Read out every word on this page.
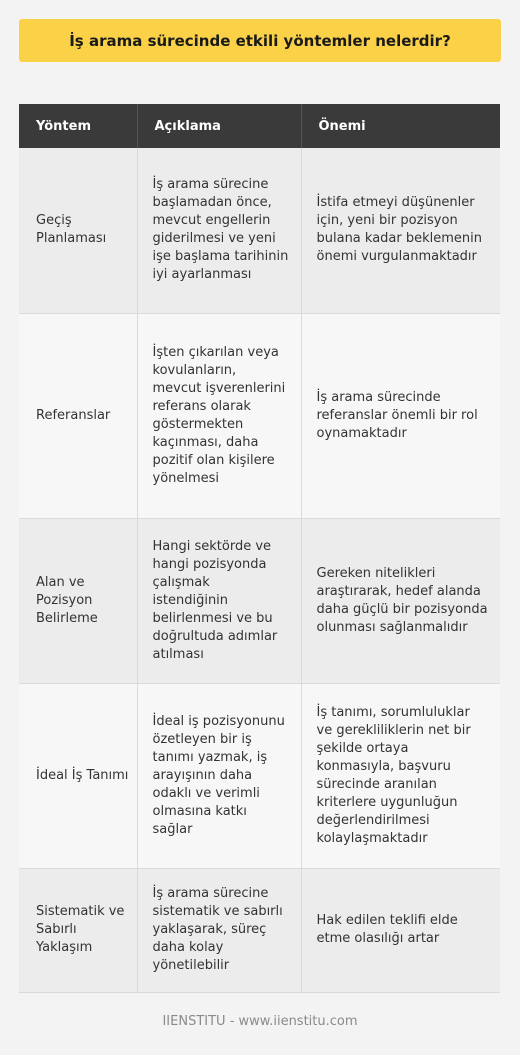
İş arama sürecinde etkili yöntemler nelerdir?
Yöntem	Açıklama	Önemi
Geçiş Planlaması	İş arama sürecine başlamadan önce, mevcut engellerin giderilmesi ve yeni işe başlama tarihinin iyi ayarlanması	İstifa etmeyi düşünenler için, yeni bir pozisyon bulana kadar beklemenin önemi vurgulanmaktadır
Referanslar	İşten çıkarılan veya kovulanların, mevcut işverenlerini referans olarak göstermekten kaçınması, daha pozitif olan kişilere yönelmesi	İş arama sürecinde referanslar önemli bir rol oynamaktadır
Alan ve Pozisyon Belirleme	Hangi sektörde ve hangi pozisyonda çalışmak istendiğinin belirlenmesi ve bu doğrultuda adımlar atılması	Gereken nitelikleri araştırarak, hedef alanda daha güçlü bir pozisyonda olunması sağlanmalıdır
İdeal İş Tanımı	İdeal iş pozisyonunu özetleyen bir iş tanımı yazmak, iş arayışının daha odaklı ve verimli olmasına katkı sağlar	İş tanımı, sorumluluklar ve gerekliliklerin net bir şekilde ortaya konmasıyla, başvuru sürecinde aranılan kriterlere uygunluğun değerlendirilmesi kolaylaşmaktadır
Sistematik ve Sabırlı Yaklaşım	İş arama sürecine sistematik ve sabırlı yaklaşarak, süreç daha kolay yönetilebilir	Hak edilen teklifi elde etme olasılığı artar
IIENSTITU - www.iienstitu.com
